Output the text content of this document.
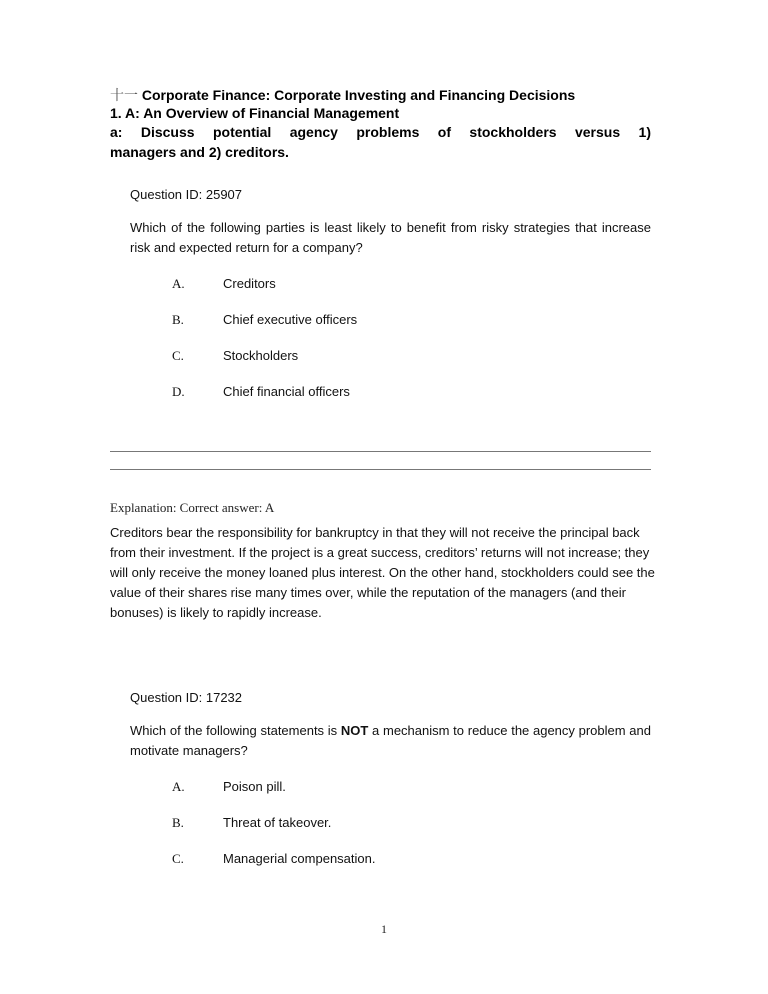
十一 Corporate Finance: Corporate Investing and Financing Decisions
1. A: An Overview of Financial Management
a: Discuss potential agency problems of stockholders versus 1)
managers and 2) creditors.
Question ID: 25907
Which of the following parties is least likely to benefit from risky strategies that increase risk and expected return for a company?
A.	Creditors
B.	Chief executive officers
C.	Stockholders
D.	Chief financial officers
Explanation: Correct answer: A
Creditors bear the responsibility for bankruptcy in that they will not receive the principal back from their investment. If the project is a great success, creditors’ returns will not increase; they will only receive the money loaned plus interest. On the other hand, stockholders could see the value of their shares rise many times over, while the reputation of the managers (and their bonuses) is likely to rapidly increase.
Question ID: 17232
Which of the following statements is NOT a mechanism to reduce the agency problem and motivate managers?
A.	Poison pill.
B.	Threat of takeover.
C.	Managerial compensation.
1
